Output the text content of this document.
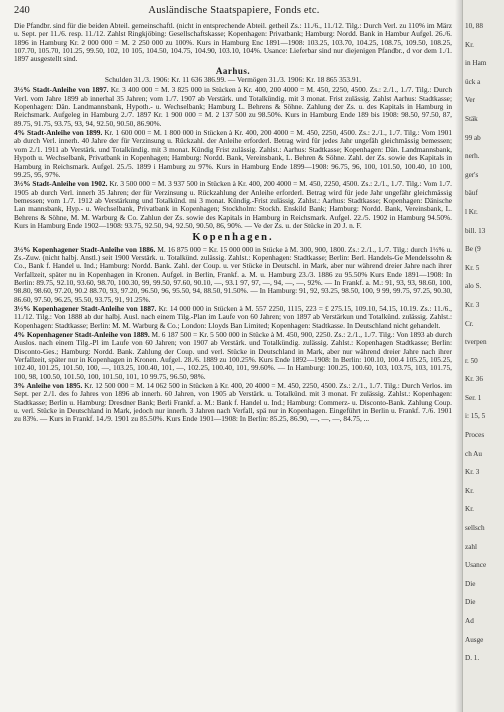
240	Ausländische Staatspapiere, Fonds etc.

Die Pfandbr. sind für die beiden Abteil. gemeinschaftl. (nicht in entsprechende Abteil. getheil Zs.: 11./6., 11./12. Tilg.: Durch Verl. zu 110% im März u. Sept. per 11./6. resp. 11./12. Zahlst Ringkjöbing: Gesellschaftskasse; Kopenhagen: Privatbank; Hamburg: Nordd. Bank in Hambur Aufgel. 26./6. 1896 in Hamburg Kr. 2 000 000 = M. 2 250 000 zu 100%. Kurs in Hamburg Enc 1891—1908: 103.25, 103.70, 104.25, 108.75, 109.50, 108.25, 107.70, 105.70, 101.25, 99.50, 102, 10 105, 104.50, 104.75, 104.90, 103.10, 104%. Usance: Lieferbar sind nur diejenigen Pfandbr., d vor dem 1./1. 1897 ausgestellt sind.

Aarhus.
Schulden 31./3. 1906: Kr. 11 636 386.99. — Vermögen 31./3. 1906: Kr. 18 865 353.91.

3½% Stadt-Anleihe von 1897. Kr. 3 400 000 = M. 3 825 000 in Stücken à Kr. 400, 200 4000 = M. 450, 2250, 4500. Zs.: 2./1., 1./7. Tilg.: Durch Verl. vom Jahre 1899 ab innerhal 35 Jahren; vom 1./7. 1907 ab Verstärk. und Totalkündig. mit 3 monat. Frist zulässig. Zahlst Aarhus: Stadtkasse; Kopenhagen: Dän. Landmannsbank, Hypoth.- u. Wechselbank; Hamburg L. Behrens & Söhne. Zahlung der Zs. u. des Kapitals in Hamburg in Reichsmark. Aufgeleg in Hamburg 2./7. 1897 Kr. 1 900 000 = M. 2 137 500 zu 98.50%. Kurs in Hamburg Ende 189 bis 1908: 98.50, 97.50, 87, 89.75, 91.75, 93.75, 93, 94, 92.50, 90.50, 86.90%.

4% Stadt-Anleihe von 1899. Kr. 1 600 000 = M. 1 800 000 in Stücken à Kr. 400, 200 4000 = M. 450, 2250, 4500. Zs.: 2./1., 1./7. Tilg.: Vom 1901 ab durch Verl. innerh. 40 Jahre der für Verzinsung u. Rückzahl. der Anleihe erforderl. Betrag wird für jedes Jahr ungefäh gleichmässig bemessen; vom 2./1. 1911 ab Verstärk. und Totalkündig. mit 3 monat. Kündig Frist zulässig. Zahlst.: Aarhus: Stadtkasse; Kopenhagen: Dän. Landmannsbank, Hypoth u. Wechselbank, Privatbank in Kopenhagen; Hamburg: Nordd. Bank, Vereinsbank, L. Behren & Söhne. Zahl. der Zs. sowie des Kapitals in Hamburg in Reichsmark. Aufgel. 25./5. 1899 i Hamburg zu 97%. Kurs in Hamburg Ende 1899—1908: 96.75, 96, 100, 101.50, 100.40, 10 100, 99.25, 95, 97%.

3½% Stadt-Anleihe von 1902. Kr. 3 500 000 = M. 3 937 500 in Stücken à Kr. 400, 200 4000 = M. 450, 2250, 4500. Zs.: 2./1., 1./7. Tilg.: Vom 1./7. 1905 ab durch Verl. innerh 35 Jahren; der für Verzinsung u. Rückzahlung der Anleihe erforderl. Betrag wird für jede Jahr ungefähr gleichmässig bemessen; vom 1./7. 1912 ab Verstärkung und Totalkünd. mi 3 monat. Kündig.-Frist zulässig. Zahlst.: Aarhus: Stadtkasse; Kopenhagen: Dänische Lan mannsbank, Hyp.- u. Wechselbank, Privatbank in Kopenhagen; Stockholm: Stockh. Enskild Bank; Hamburg: Nordd. Bank, Vereinsbank, L. Behrens & Söhne, M. M. Warburg & Co. Zahlun der Zs. sowie des Kapitals in Hamburg in Reichsmark. Aufgel. 22./5. 1902 in Hamburg 94.50%. Kurs in Hamburg Ende 1902—1908: 93.75, 92.50, 94, 92.50, 90.50, 86, 90%. — Ve der Zs. u. der Stücke in 20 J. n. F.

Kopenhagen.

3½% Kopenhagener Stadt-Anleihe von 1886. M. 16 875 000 = Kr. 15 000 000 in Stücke à M. 300, 900, 1800. Zs.: 2./1., 1./7. Tilg.: durch 1½% u. Zs.-Zuw. (nicht halbj. Anstl.) seit 1900 Verstärk. u. Totalkünd. zulässig. Zahlst.: Kopenhagen: Stadtkasse; Berlin: Berl. Handels-Ge Mendelssohn & Co., Bank f. Handel u. Ind.; Hamburg: Nordd. Bank. Zahl. der Coup. u. ver Stücke in Deutschl. in Mark, aber nur während dreier Jahre nach ihrer Verfallzeit, später nu in Kopenhagen in Kronen. Aufgel. in Berlin, Frankf. a. M. u. Hamburg 23./3. 1886 zu 95.50% Kurs Ende 1891—1908: In Berlin: 89.75, 92.10, 93.60, 98.70, 100.30, 99, 99.50, 97.60, 90.10, —, 93.1 97, 97, —, 94, —, —, 92%. — In Frankf. a. M.: 91, 93, 93, 98.60, 100, 98.80, 98.60, 97.20, 90.2 88.70, 93, 97.20, 96.50, 96, 95.50, 94, 88.50, 91.50%. — In Hamburg: 91, 92, 93.25, 98.50, 100, 9 99, 99.75, 97.25, 90.30, 86.60, 97.50, 96.25, 95.50, 93.75, 91, 91.25%.

3½% Kopenhagener Stadt-Anleihe von 1887. Kr. 14 000 000 in Stücken à M. 557 2250, 1115, 223 = £ 275.15, 109.10, 54.15, 10.19. Zs.: 11./6., 11./12. Tilg.: Von 1888 ab dur halbj. Ausl. nach einem Tilg.-Plan im Laufe von 60 Jahren; von 1897 ab Verstärkun und Totalkünd. zulässig. Zahlst.: Kopenhagen: Stadtkasse; Berlin: M. M. Warburg & Co.; London: Lloyds Ban Limited; Kopenhagen: Stadtkasse. In Deutschland nicht gehandelt.

4% Kopenhagener Stadt-Anleihe von 1889. M. 6 187 500 = Kr. 5 500 000 in Stücke à M. 450, 900, 2250. Zs.: 2./1., 1./7. Tilg.: Von 1893 ab durch Auslos. nach einem Tilg.-Pl im Laufe von 60 Jahren; von 1907 ab Verstärk. und Totalkündig. zulässig. Zahlst.: Kopenhagen Stadtkasse; Berlin: Disconto-Ges.; Hamburg: Nordd. Bank. Zahlung der Coup. und verl. Stücke in Deutschland in Mark, aber nur während dreier Jahre nach ihrer Verfallzeit, später nur in Kopenhagen in Kronen. Aufgel. 28./6. 1889 zu 100.25%. Kurs Ende 1892—1908: In Berlin: 100.10, 100.4 105.25, 105.25, 102.40, 101.25, 101.50, 100, —, 103.25, 100.40, 101, —, 102.25, 100.40, 101, 99.60%. — In Hamburg: 100.25, 100.60, 103, 103.75, 103, 101.75, 100, 98, 100.50, 101.50, 100, 101.50, 101, 10 99.75, 96.50, 98%.

3% Anleihe von 1895. Kr. 12 500 000 = M. 14 062 500 in Stücken à Kr. 400, 20 4000 = M. 450, 2250, 4500. Zs.: 2./1., 1./7. Tilg.: Durch Verlos. im Sept. per 2./1. des fo Jahres von 1896 ab innerh. 60 Jahren, von 1905 ab Verstärk. u. Totalkünd. mit 3 monat. Fr zulässig. Zahlst.: Kopenhagen: Stadtkasse; Berlin u. Hamburg: Dresdner Bank; Berli Frankf. a. M.: Bank f. Handel u. Ind.; Hamburg: Commerz- u. Disconto-Bank. Zahlung Coup. u. verl. Stücke in Deutschland in Mark, jedoch nur innerh. 3 Jahren nach Verfall, spä nur in Kopenhagen. Eingeführt in Berlin u. Frankf. 7./6. 1901 zu 83%. — Kurs in Frankf. 14./9. 1901 zu 85.50%. Kurs Ende 1901—1908: In Berlin: 85.25, 86.90, —, —, —, 84.75, ...

10, 88
Kr.
in Ham
ück a
Ver
Stäk
99 ab
nerh.
ger's
bäuf
l Kr.
bill. 13
Be (9
Kr. 5
alo S.
Kr. 3
Cr.
tverpen
r. 50
Kr. 36
Ser. 1
i: 15, 5
Proces
ch Au
Kr. 3
Kr.
Kr.
sellsch
zahl
Usance
Die
Die
Ad
Ausge
D. 1.
